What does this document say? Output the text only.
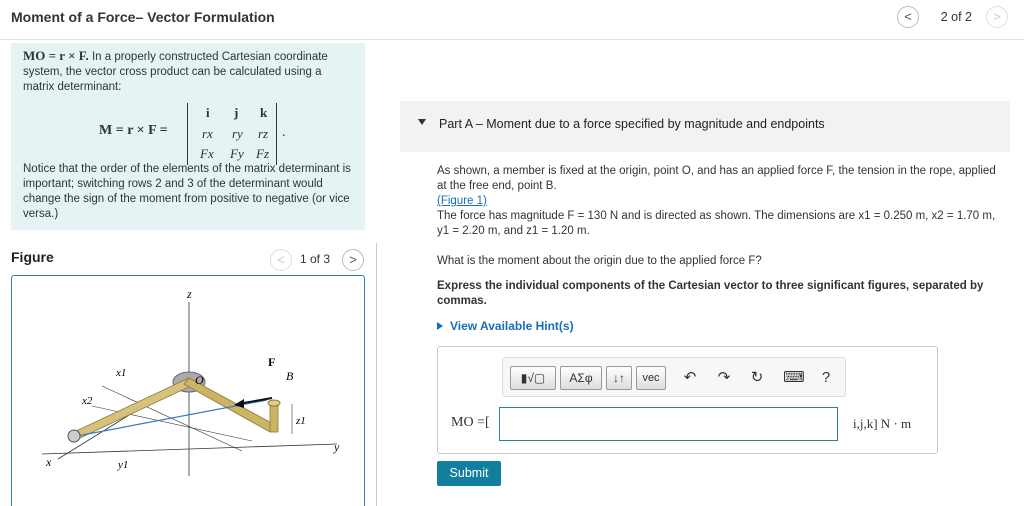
Moment of a Force– Vector Formulation	<	2 of 2	>
MO = r × F. In a properly constructed Cartesian coordinate system, the vector cross product can be calculated using a matrix determinant:
M = r × F =
i j k
rx ry rz
Fx Fy Fz
.
Notice that the order of the elements of the matrix determinant is important; switching rows 2 and 3 of the determinant would change the sign of the moment from positive to negative (or vice versa.)
Figure	<	1 of 3	>
z
x1
x2
x
y
y1
O
F
B
z1
Part A – Moment due to a force specified by magnitude and endpoints
As shown, a member is fixed at the origin, point O, and has an applied force F, the tension in the rope, applied at the free end, point B.
(Figure 1)
The force has magnitude F = 130 N and is directed as shown. The dimensions are x1 = 0.250 m, x2 = 1.70 m, y1 = 2.20 m, and z1 = 1.20 m.
What is the moment about the origin due to the applied force F?
Express the individual components of the Cartesian vector to three significant figures, separated by commas.
View Available Hint(s)
▮√▢	ΑΣφ	↓↑	vec	↶	↷	↻	⌨	?
MO =[	i,j,k] N · m
Submit
